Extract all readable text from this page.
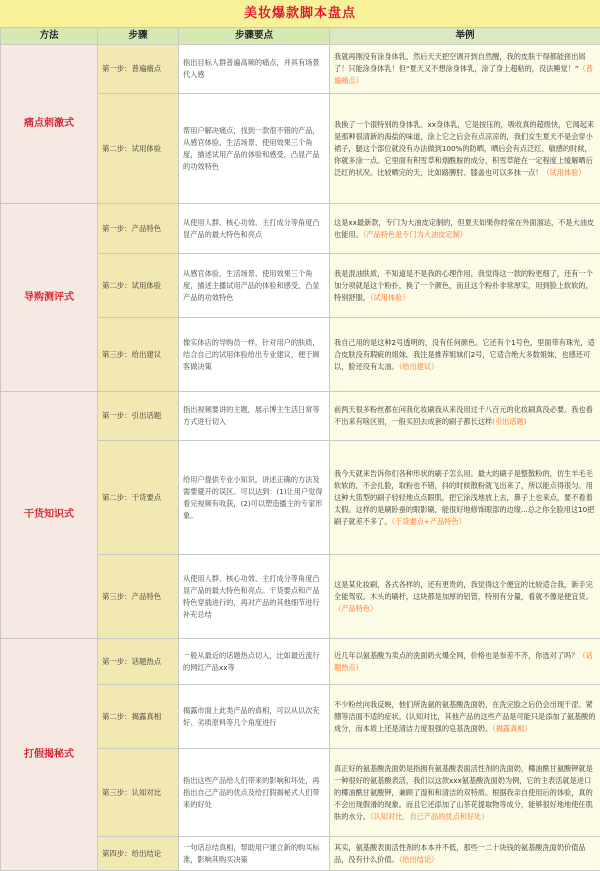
美妆爆款脚本盘点
方法	步骤	步骤要点	举例
痛点刺激式	第一步：普遍痛点	指出目标人群普遍高频的痛点，并具有场景代入感	我就再刚没有涂身体乳，然后天天把空调开到自然醒，我的皮肤干得都能搓出屑了！只能涂身体乳！但“夏天又不想涂身体乳，涂了身上超粘的，没法睡觉！”（普遍痛点）
	第二步：试用体验	帮用户解决痛点，找到一款很不错的产品，从感官体验、生活场景、使用效果三个角度，描述试用产品的体验和感受，凸显产品的功效特色	我换了一个很特别的身体乳。xx身体乳，它是按压的，吸收真的超级快，它闻起来是那种很清新的海盐的味道，涂上它之后会有点凉凉的，我们女生夏天不是会穿小裙子，腿这个部位就没有办法做到100%的防晒，晒后会有点泛红、敏感的时候，你就多涂一点。它里面有积雪草和烟酰胺的成分，积雪草能在一定程度上缓解晒后泛红的状况。比较晒完的天，比如路膊肘、膝盖也可以多抹一点！（试用体验）
导购测评式	第一步：产品特色	从使用人群、核心功效、主打成分等角度凸显产品的最大特色和亮点	这是xx最新款，专门为大油皮定制的，但夏天如果你经常在外面溜达，不是大油皮也能用。（产品特色是专门为大油皮定制）
	第二步：试用体验	从感官体验、生活场景、使用效果三个角度，描述主播试用产品的体验和感受，凸显产品的功效特色	我是混油肤质，不知道是不是我的心理作用，我觉得这一款的粉更细了，还有一个加分项就是这个粉扑，换了一个颜色，而且这个粉扑非常厚实，用到脸上软软的，特别舒服。（试用体验）
	第三步：给出建议	像实体店的导购员一样，针对用户的肤质，结合自己的试用体验给出专业建议，便于顾客做决策	我自己用的是这种2号透明的，没有任何颜色。它还有个1号色，里面带有珠光，适合皮肤没有瑕疵的姐妹。我注是推荐姐妹们2号，它适合绝大多数姐妹，也感还可以，脸还没有太油。（给出建议）
干货知识式	第一步：引出话题	指出视频要讲的主题，展示博主生活日常等方式进行切入	前两天很多粉丝都在问我化妆刷我从来没用过千八百元的化妆刷真没必要。我也看不出来有啥区别，一般买回去成套的刷子都长这样(引出话题)
	第二步：干货要点	给用户提供专业小知识，讲述正确的方法及需要避开的误区。可以达到：(1)让用户觉得看完视频有收获，(2)可以塑造播主的专家形象。	我今天就来告诉你们各种形状的刷子怎么用。最大的刷子是整散粉的，仿生羊毛毛软软的，不会扎脸，取粉也不错，抖的时候散粉就飞出来了，所以能点得很匀。用这种大笛型的刷子轻轻地点点眼肌，把它涂浅地放上去，鼻子上也来点，要不看着太假。这样的是刷卧蚕的眼影刷，能很好地修饰眼部的边缘...总之你全脸用这10把刷子就差不多了。（干货要点+产品特色）
	第三步：产品特色	从使用人群、核心功效、主打成分等角度凸显产品的最大特色和亮点。干货要点和产品特色穿插进行的，再对产品的其他细节进行补充总结	这是某化妆刷，各式各样的，还有更贵的，我觉得这个便宜的比较适合我，新手完全能驾驭。木头的刷杆，这块都是加厚的铝管，特别有分量，看就不像是便宜货。（产品特色）
打假揭秘式	第一步：话题热点	一般从最近的话题热点切入，比如最近流行的网红产品xx等	近几年以氨基酸为卖点的洗面奶火爆全网，价格也是参差不齐，你选对了吗？（话题热点）
	第二步：揭露真相	揭露市面上此类产品的真相，可以从以次充好、劣质原料等几个角度进行	不少粉丝向我反映，他们所洗氨的氨基酸洗面奶，在洗完脸之后仍会出现干涩、紧绷等洁面不适的症状。(认知对比，其他产品的这些产品是可能只是添加了氨基酸的成分，而本质上还是清洁力度很强的皂基洗面奶。（揭露真相）
	第三步：认知对比	指出这些产品给人们带来的影响和坏处，再指出自己产品的优点及给打假揭秘式人们带来的好处	真正好的氨基酸洗面奶是指拥有氨基酸表面活性剂的洗面奶，椰油酰甘氨酸钾就是一种很好的氨基酸表活，我们以这款xxx氨基酸洗面奶为例，它的主表活就是进口的椰油酰甘氨酸钾，兼顾了湿和和清洁的双特质。根据我亲自使用后的体验，真的不会出现假滑的现象。而且它还添加了山茶花提取物等成分，能够很好地地使任肌肤的水分。（认知对比，自己产品的优点和好处）
	第四步：给出结论	一句话总结真相，帮助用户建立新的购买标准，影响其购买决策	其实，氨基酸表面活性剂的本本并不低，那些一二十块钱的氨基酸洗面奶价值品品，没有什么价值。（给出结论）
